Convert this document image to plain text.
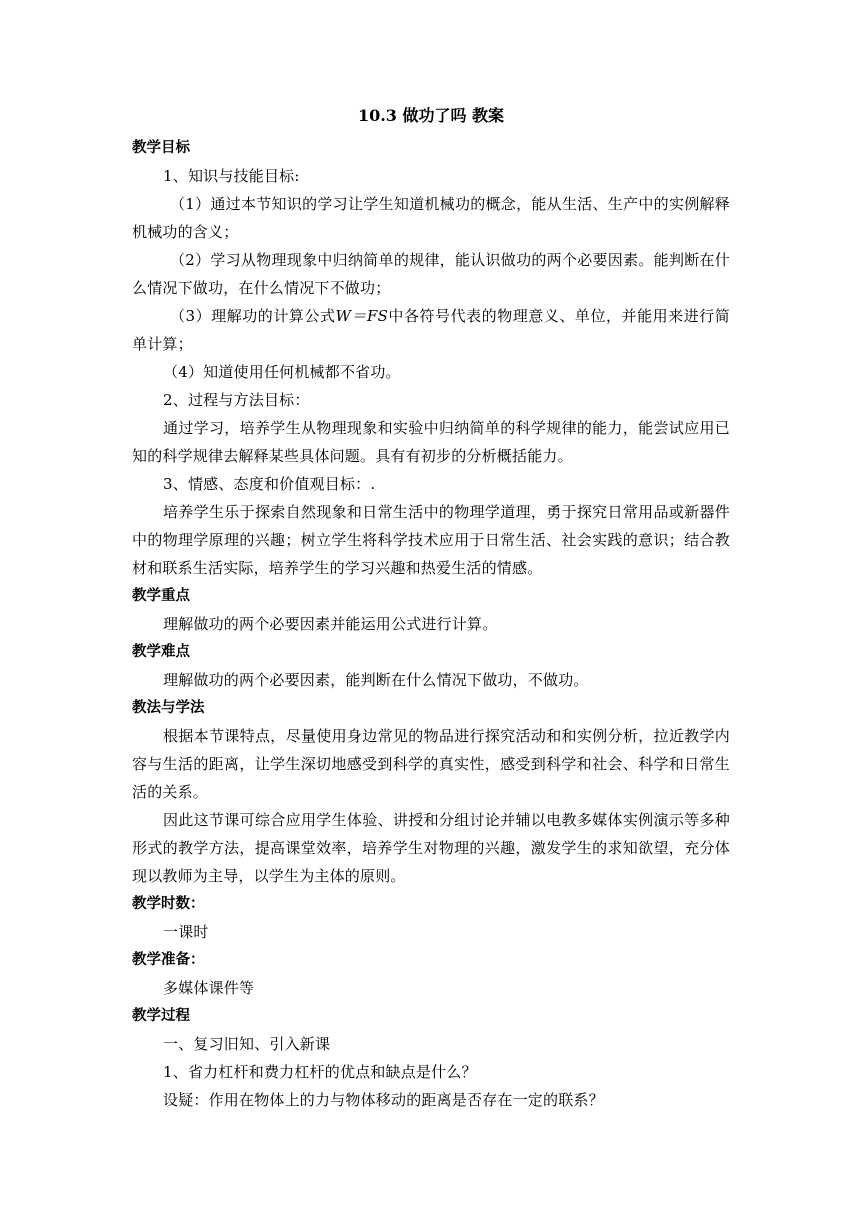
10.3 做功了吗 教案

教学目标

1、知识与技能目标:

（1）通过本节知识的学习让学生知道机械功的概念，能从生活、生产中的实例解释机械功的含义；

（2）学习从物理现象中归纳简单的规律，能认识做功的两个必要因素。能判断在什么情况下做功，在什么情况下不做功；

（3）理解功的计算公式W＝FS中各符号代表的物理意义、单位，并能用来进行简单计算；

（4）知道使用任何机械都不省功。

2、过程与方法目标：

通过学习，培养学生从物理现象和实验中归纳简单的科学规律的能力，能尝试应用已知的科学规律去解释某些具体问题。具有有初步的分析概括能力。

3、情感、态度和价值观目标：.

培养学生乐于探索自然现象和日常生活中的物理学道理，勇于探究日常用品或新器件中的物理学原理的兴趣；树立学生将科学技术应用于日常生活、社会实践的意识；结合教材和联系生活实际，培养学生的学习兴趣和热爱生活的情感。

教学重点

理解做功的两个必要因素并能运用公式进行计算。

教学难点

理解做功的两个必要因素，能判断在什么情况下做功，不做功。

教法与学法

根据本节课特点，尽量使用身边常见的物品进行探究活动和和实例分析，拉近教学内容与生活的距离，让学生深切地感受到科学的真实性，感受到科学和社会、科学和日常生活的关系。

因此这节课可综合应用学生体验、讲授和分组讨论并辅以电教多媒体实例演示等多种形式的教学方法，提高课堂效率，培养学生对物理的兴趣，激发学生的求知欲望，充分体现以教师为主导，以学生为主体的原则。

教学时数：

一课时

教学准备：

多媒体课件等

教学过程

一、复习旧知、引入新课

1、省力杠杆和费力杠杆的优点和缺点是什么？

设疑：作用在物体上的力与物体移动的距离是否存在一定的联系？
